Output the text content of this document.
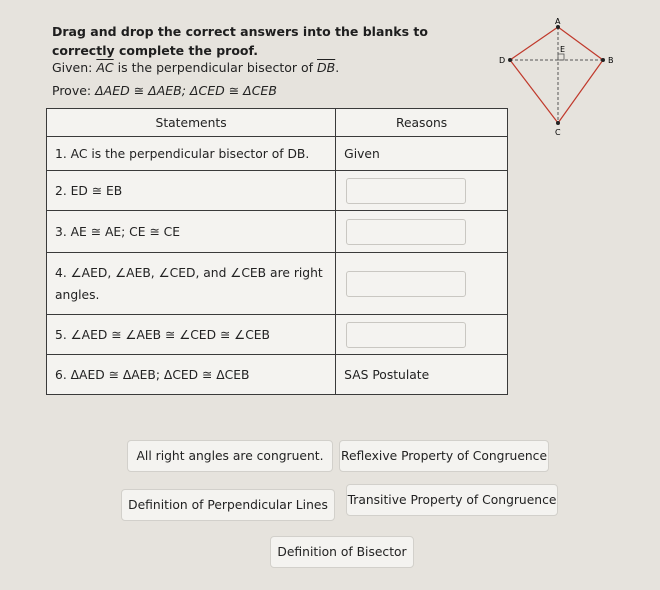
Drag and drop the correct answers into the blanks to correctly complete the proof.
Given: $\overline{AC}$ is the perpendicular bisector of $\overline{DB}$.
Prove: ΔAED ≅ ΔAEB; ΔCED ≅ ΔCEB
A
D	B
C
E
Statements	Reasons
1. AC is the perpendicular bisector of DB.	Given
2. ED ≅ EB	

3. AE ≅ AE; CE ≅ CE	

4. ∠AED, ∠AEB, ∠CED, and ∠CEB are right angles.	

5. ∠AED ≅ ∠AEB ≅ ∠CED ≅ ∠CEB	

6. ΔAED ≅ ΔAEB; ΔCED ≅ ΔCEB	SAS Postulate
All right angles are congruent.	Reflexive Property of Congruence
Definition of Perpendicular Lines	Transitive Property of Congruence
Definition of Bisector
